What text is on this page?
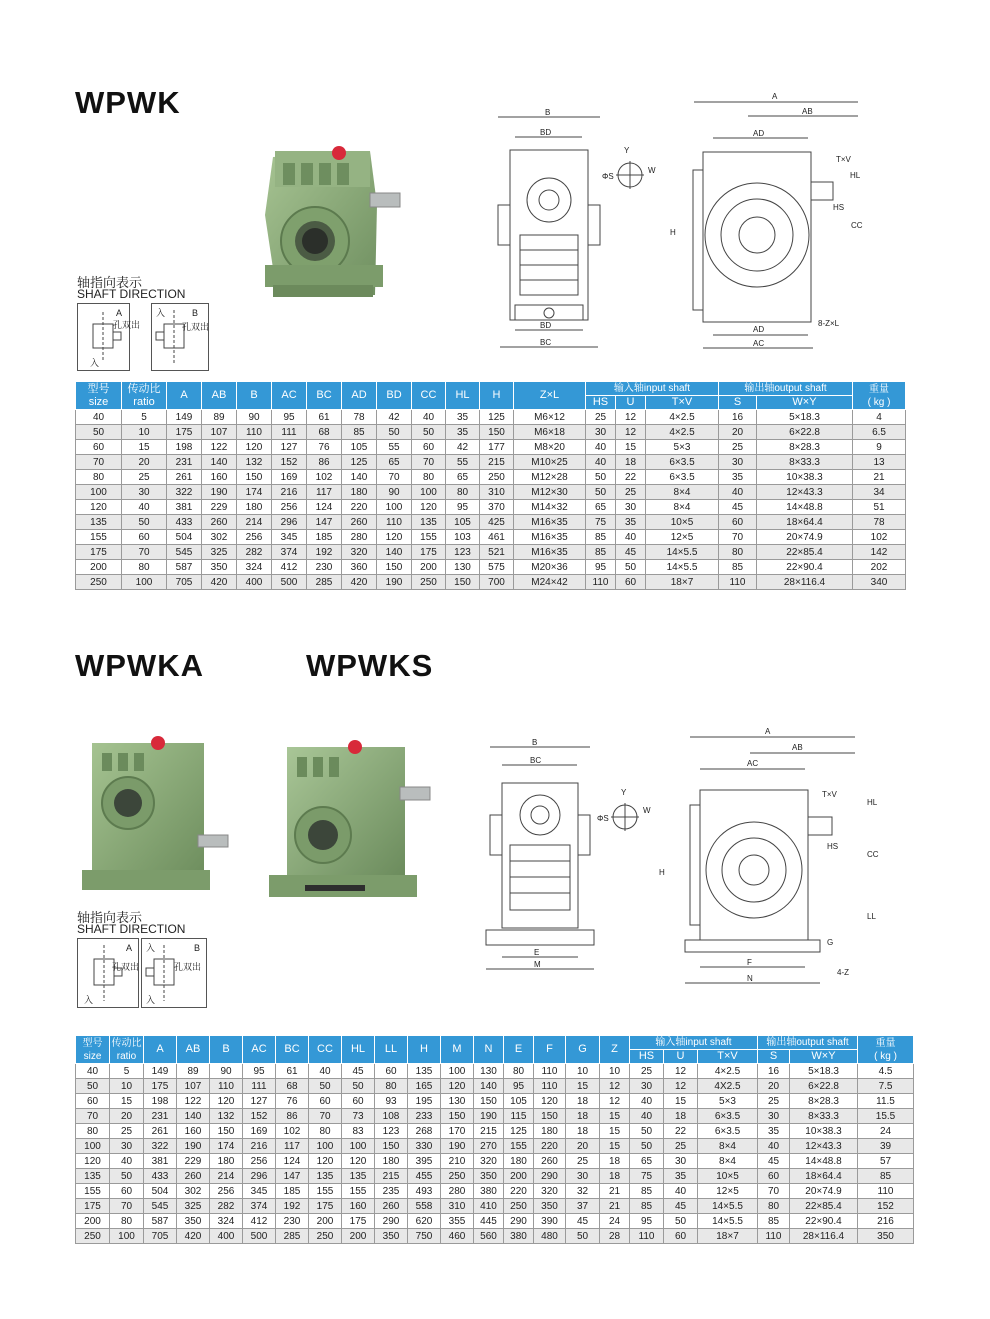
WPWK
轴指向表示
SHAFT DIRECTION
A
入
孔双出
B
入
孔双出
B
BD
BD
BC
Y
W
ΦS
A
AB
AD
T×V
HL
HS
CC
H
AD
8-Z×L
AC
型号
size	传动比
ratio	A	AB	B	AC	BC	AD	BD	CC	HL	H	Z×L	输入轴input shaft			输出轴output shaft		重量
( kg )
													HS	U	T×V	S	W×Y	
40	5	149	89	90	95	61	78	42	40	35	125	M6×12	25	12	4×2.5	16	5×18.3	4
50	10	175	107	110	111	68	85	50	50	35	150	M6×18	30	12	4×2.5	20	6×22.8	6.5
60	15	198	122	120	127	76	105	55	60	42	177	M8×20	40	15	5×3	25	8×28.3	9
70	20	231	140	132	152	86	125	65	70	55	215	M10×25	40	18	6×3.5	30	8×33.3	13
80	25	261	160	150	169	102	140	70	80	65	250	M12×28	50	22	6×3.5	35	10×38.3	21
100	30	322	190	174	216	117	180	90	100	80	310	M12×30	50	25	8×4	40	12×43.3	34
120	40	381	229	180	256	124	220	100	120	95	370	M14×32	65	30	8×4	45	14×48.8	51
135	50	433	260	214	296	147	260	110	135	105	425	M16×35	75	35	10×5	60	18×64.4	78
155	60	504	302	256	345	185	280	120	155	103	461	M16×35	85	40	12×5	70	20×74.9	102
175	70	545	325	282	374	192	320	140	175	123	521	M16×35	85	45	14×5.5	80	22×85.4	142
200	80	587	350	324	412	230	360	150	200	130	575	M20×36	95	50	14×5.5	85	22×90.4	202
250	100	705	420	400	500	285	420	190	250	150	700	M24×42	110	60	18×7	110	28×116.4	340
WPWKA	WPWKS
轴指向表示
SHAFT DIRECTION
A
孔双出
入
B
入
孔双出
入
B
BC
E
M
Y
W
ΦS
A
AB
AC
T×V
HL
HS
CC
H
LL
G
F
4-Z
N
型号
size	传动比
ratio	A	AB	B	AC	BC	CC	HL	LL	H	M	N	E	F	G	Z	输入轴input shaft			输出轴output shaft		重量
( kg )
																	HS	U	T×V	S	W×Y	
40	5	149	89	90	95	61	40	45	60	135	100	130	80	110	10	10	25	12	4×2.5	16	5×18.3	4.5
50	10	175	107	110	111	68	50	50	80	165	120	140	95	110	15	12	30	12	4X2.5	20	6×22.8	7.5
60	15	198	122	120	127	76	60	60	93	195	130	150	105	120	18	12	40	15	5×3	25	8×28.3	11.5
70	20	231	140	132	152	86	70	73	108	233	150	190	115	150	18	15	40	18	6×3.5	30	8×33.3	15.5
80	25	261	160	150	169	102	80	83	123	268	170	215	125	180	18	15	50	22	6×3.5	35	10×38.3	24
100	30	322	190	174	216	117	100	100	150	330	190	270	155	220	20	15	50	25	8×4	40	12×43.3	39
120	40	381	229	180	256	124	120	120	180	395	210	320	180	260	25	18	65	30	8×4	45	14×48.8	57
135	50	433	260	214	296	147	135	135	215	455	250	350	200	290	30	18	75	35	10×5	60	18×64.4	85
155	60	504	302	256	345	185	155	155	235	493	280	380	220	320	32	21	85	40	12×5	70	20×74.9	110
175	70	545	325	282	374	192	175	160	260	558	310	410	250	350	37	21	85	45	14×5.5	80	22×85.4	152
200	80	587	350	324	412	230	200	175	290	620	355	445	290	390	45	24	95	50	14×5.5	85	22×90.4	216
250	100	705	420	400	500	285	250	200	350	750	460	560	380	480	50	28	110	60	18×7	110	28×116.4	350
